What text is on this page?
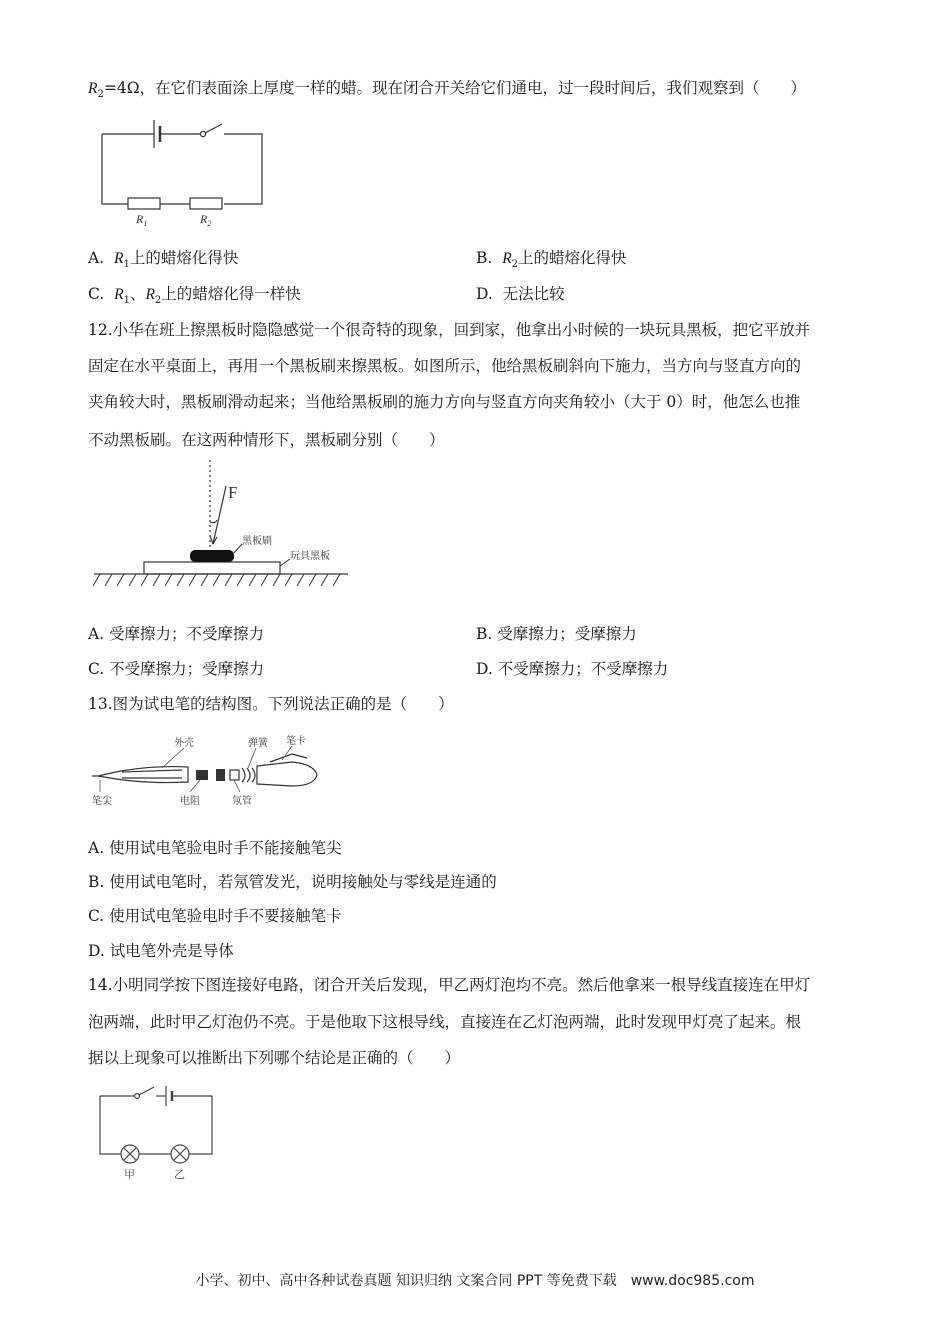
$R_2=4\Omega$，在它们表面涂上厚度一样的蜡。现在闭合开关给它们通电，过一段时间后，我们观察到（　　）
$R_1$	$R_2$
A. $R_1$上的蜡熔化得快	B. $R_2$上的蜡熔化得快
C. $R_1$、$R_2$上的蜡熔化得一样快	D. 无法比较
12.小华在班上擦黑板时隐隐感觉一个很奇特的现象，回到家，他拿出小时候的一块玩具黑板，把它平放并
固定在水平桌面上，再用一个黑板刷来擦黑板。如图所示，他给黑板刷斜向下施力，当方向与竖直方向的
夹角较大时，黑板刷滑动起来；当他给黑板刷的施力方向与竖直方向夹角较小（大于 0）时，他怎么也推
不动黑板刷。在这两种情形下，黑板刷分别（　　）
F
黑板刷
玩具黑板
A. 受摩擦力；不受摩擦力	B. 受摩擦力；受摩擦力
C. 不受摩擦力；受摩擦力	D. 不受摩擦力；不受摩擦力
13.图为试电笔的结构图。下列说法正确的是（　　）
外壳	弹簧 笔卡
笔尖	电阻	氖管
A. 使用试电笔验电时手不能接触笔尖
B. 使用试电笔时，若氖管发光，说明接触处与零线是连通的
C. 使用试电笔验电时手不要接触笔卡
D. 试电笔外壳是导体
14.小明同学按下图连接好电路，闭合开关后发现，甲乙两灯泡均不亮。然后他拿来一根导线直接连在甲灯
泡两端，此时甲乙灯泡仍不亮。于是他取下这根导线，直接连在乙灯泡两端，此时发现甲灯亮了起来。根
据以上现象可以推断出下列哪个结论是正确的（　　）
甲	乙
小学、初中、高中各种试卷真题 知识归纳 文案合同 PPT 等免费下载　www.doc985.com
